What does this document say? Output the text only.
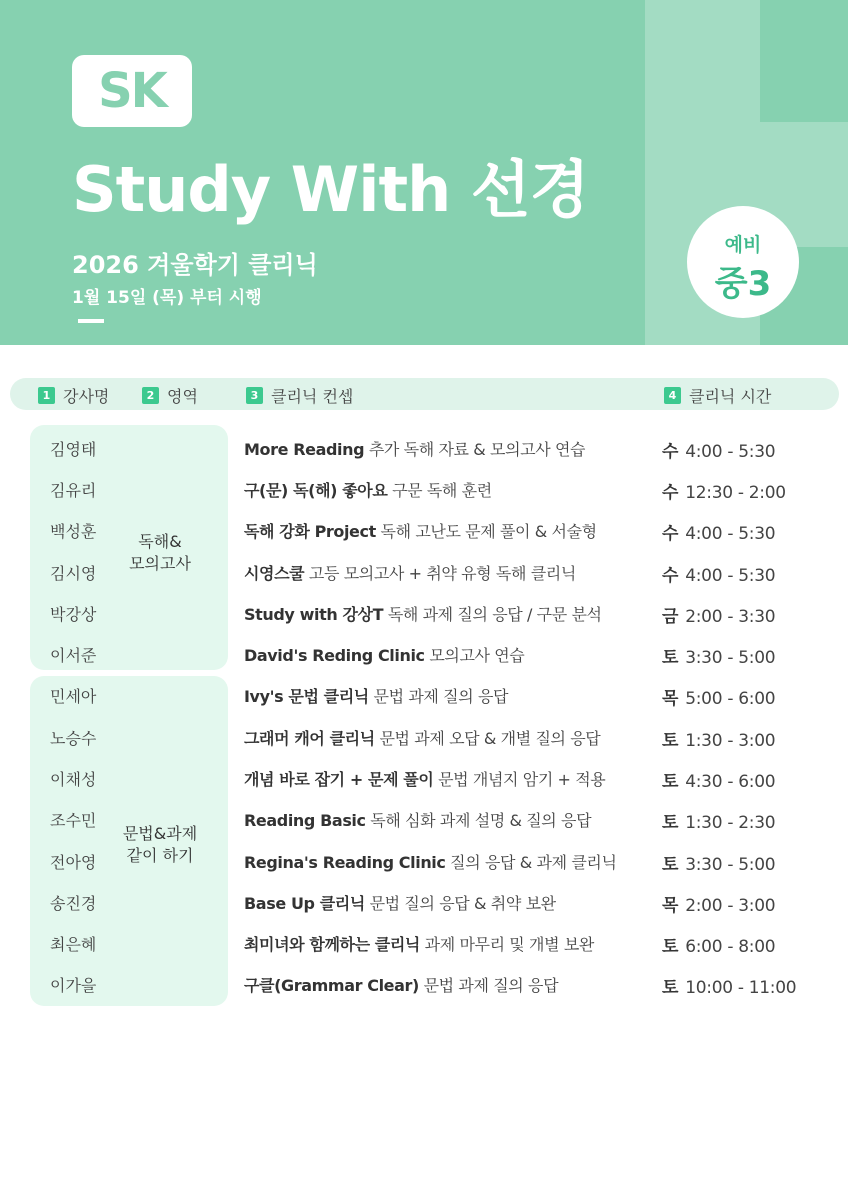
SK
Study With 선경
2026 겨울학기 클리닉
1월 15일 (목) 부터 시행
예비
중3
1 강사명	2 영역	3 클리닉 컨셉	4 클리닉 시간
독해&
모의고사
문법&과제
같이 하기
김영태	More Reading 추가 독해 자료 & 모의고사 연습	수 4:00 - 5:30
김유리	구(문) 독(해) 좋아요 구문 독해 훈련	수 12:30 - 2:00
백성훈	독해 강화 Project 독해 고난도 문제 풀이 & 서술형	수 4:00 - 5:30
김시영	시영스쿨 고등 모의고사 + 취약 유형 독해 클리닉	수 4:00 - 5:30
박강상	Study with 강상T 독해 과제 질의 응답 / 구문 분석	금 2:00 - 3:30
이서준	David's Reding Clinic 모의고사 연습	토 3:30 - 5:00
민세아	Ivy's 문법 클리닉 문법 과제 질의 응답	목 5:00 - 6:00
노승수	그래머 캐어 클리닉 문법 과제 오답 & 개별 질의 응답	토 1:30 - 3:00
이채성	개념 바로 잡기 + 문제 풀이 문법 개념지 암기 + 적용	토 4:30 - 6:00
조수민	Reading Basic 독해 심화 과제 설명 & 질의 응답	토 1:30 - 2:30
전아영	Regina's Reading Clinic 질의 응답 & 과제 클리닉	토 3:30 - 5:00
송진경	Base Up 클리닉 문법 질의 응답 & 취약 보완	목 2:00 - 3:00
최은혜	최미녀와 함께하는 클리닉 과제 마무리 및 개별 보완	토 6:00 - 8:00
이가을	구클(Grammar Clear) 문법 과제 질의 응답	토 10:00 - 11:00
